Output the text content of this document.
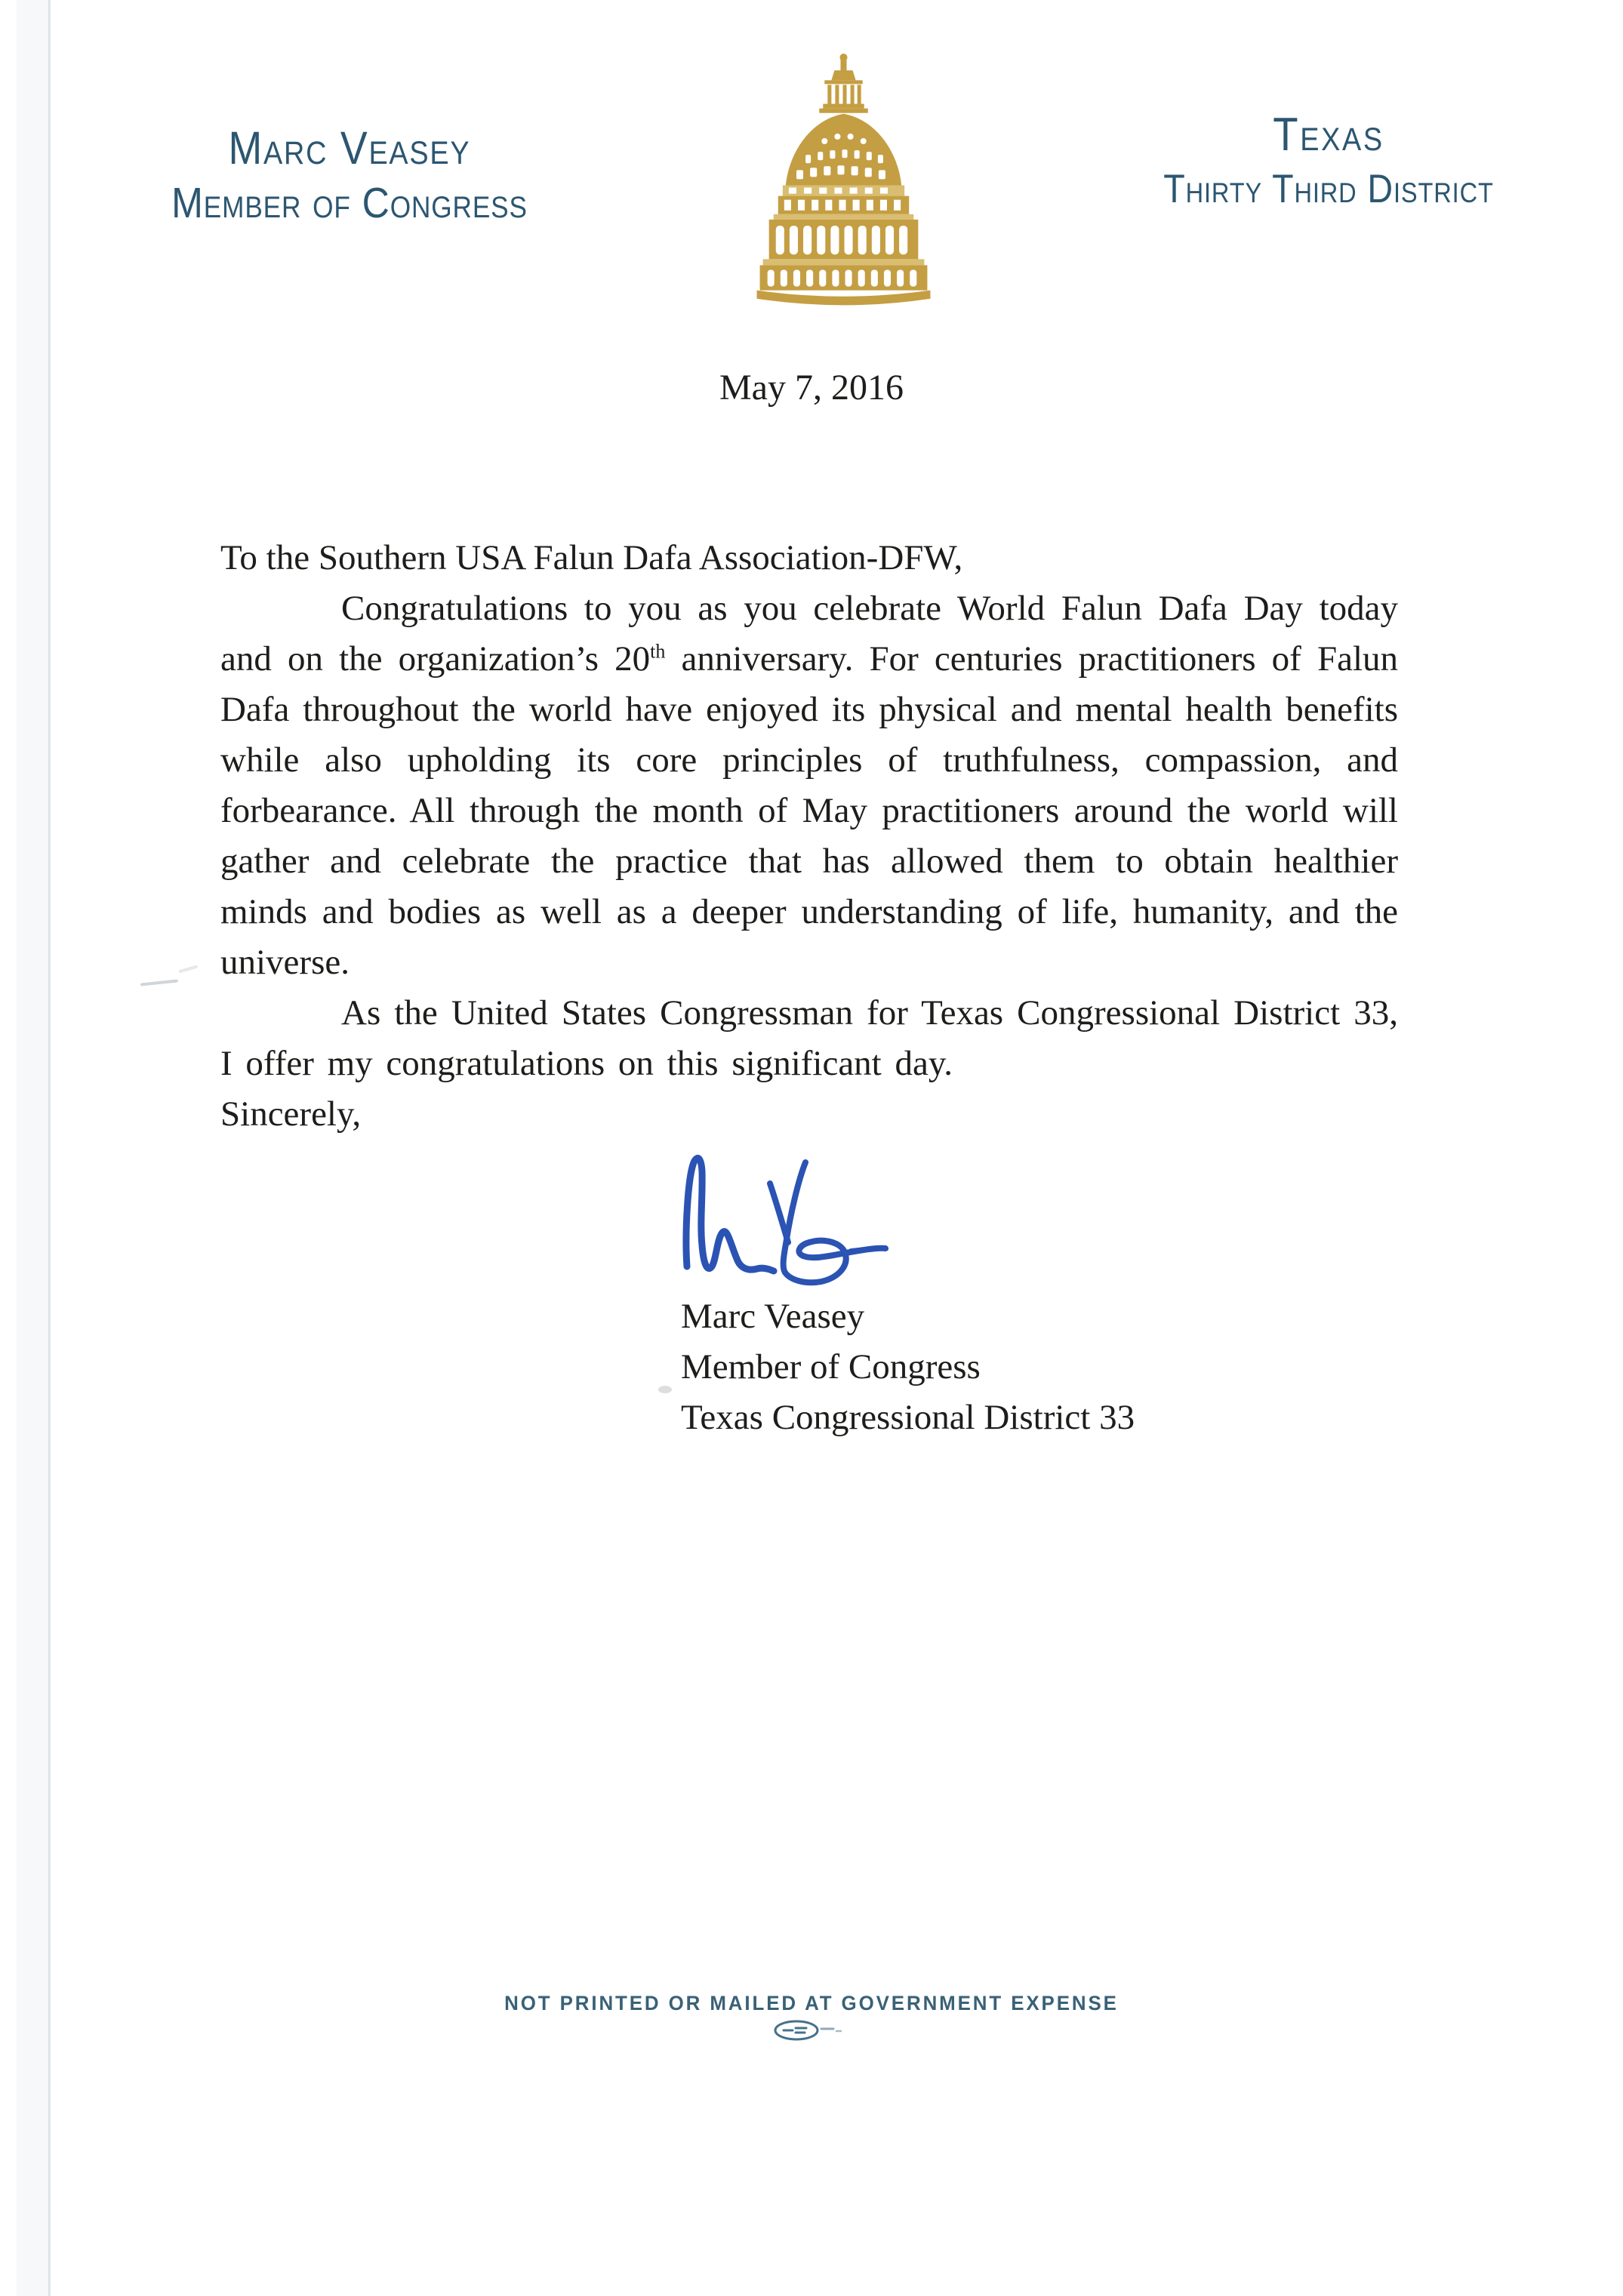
Marc Veasey
Member of Congress
Texas
Thirty Third District
May 7, 2016

To the Southern USA Falun Dafa Association-DFW,

Congratulations to you as you celebrate World Falun Dafa Day today and on the organization’s 20th anniversary. For centuries practitioners of Falun Dafa throughout the world have enjoyed its physical and mental health benefits while also upholding its core principles of truthfulness, compassion, and forbearance. All through the month of May practitioners around the world will gather and celebrate the practice that has allowed them to obtain healthier minds and bodies as well as a deeper understanding of life, humanity, and the universe.

As the United States Congressman for Texas Congressional District 33, I offer my congratulations on this significant day.

Sincerely,

Marc Veasey
Member of Congress
Texas Congressional District 33
NOT PRINTED OR MAILED AT GOVERNMENT EXPENSE
